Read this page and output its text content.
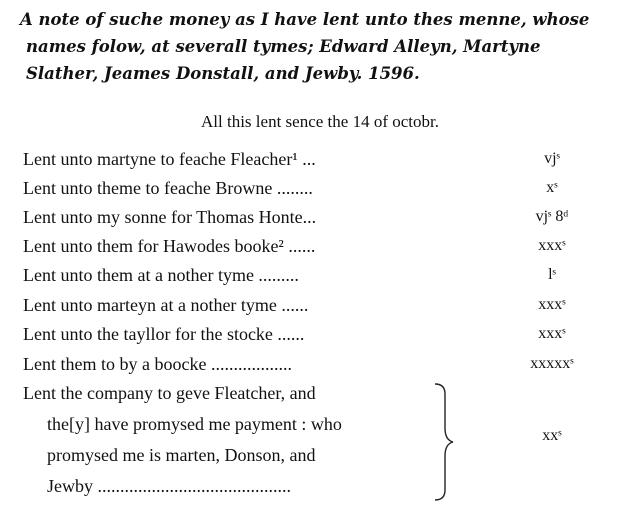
A note of suche money as I have lent unto thes menne, whose
names folow, at severall tymes; Edward Alleyn, Martyne
Slather, Jeames Donstall, and Jewby. 1596.
All this lent sence the 14 of octobr.
Lent unto martyne to feache Fleacher¹ ...	vjˢ
Lent unto theme to feache Browne ........	xˢ
Lent unto my sonne for Thomas Honte...	vjˢ 8ᵈ
Lent unto them for Hawodes booke² ......	xxxˢ
Lent unto them at a nother tyme .........	lˢ
Lent unto marteyn at a nother tyme ......	xxxˢ
Lent unto the tayllor for the stocke ......	xxxˢ
Lent them to by a boocke ..................	xxxxxˢ
Lent the company to geve Fleatcher, and
the[y] have promysed me payment : who
promysed me is marten, Donson, and
Jewby ...........................................
xxˢ
